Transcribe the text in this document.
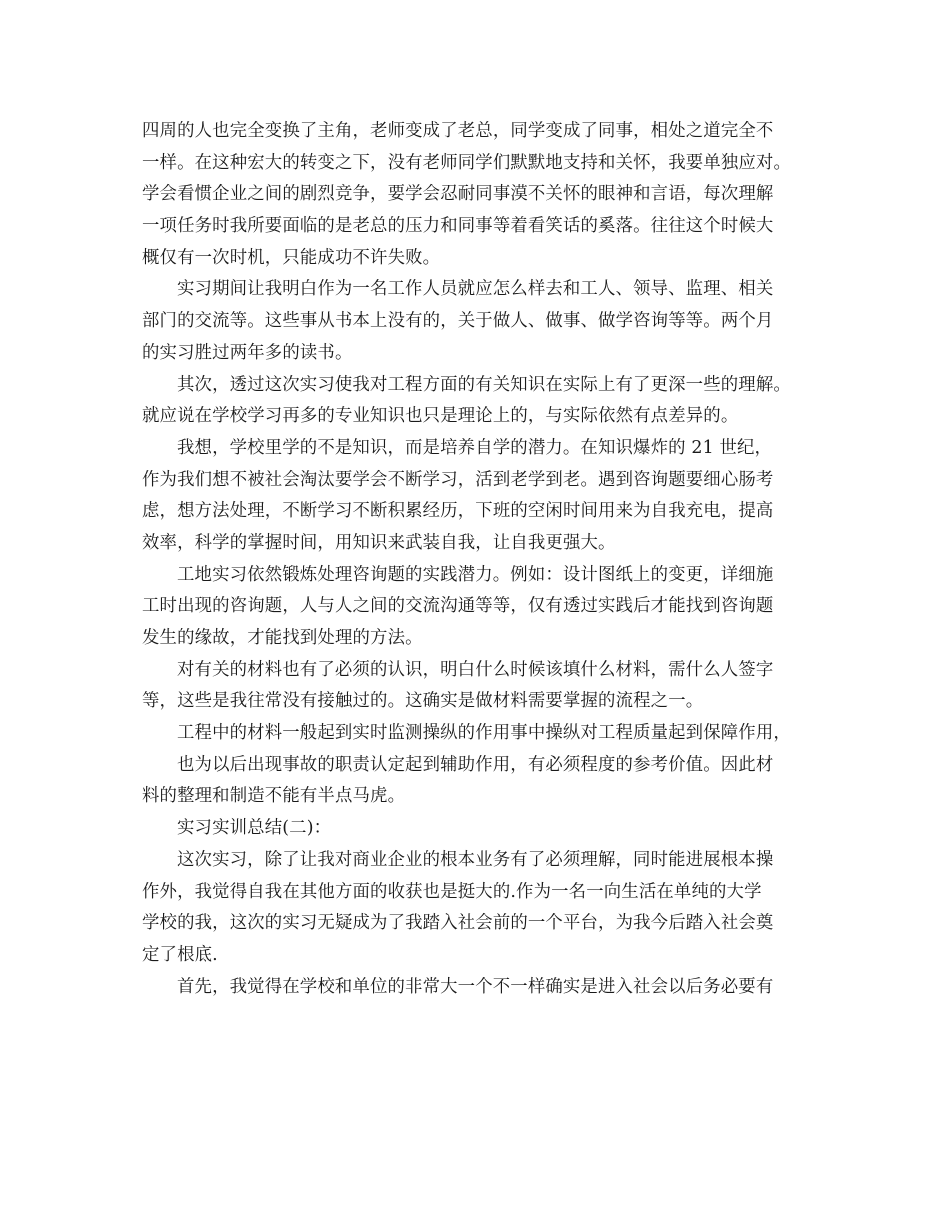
四周的人也完全变换了主角，老师变成了老总，同学变成了同事，相处之道完全不
一样。在这种宏大的转变之下，没有老师同学们默默地支持和关怀，我要单独应对。
学会看惯企业之间的剧烈竞争，要学会忍耐同事漠不关怀的眼神和言语，每次理解
一项任务时我所要面临的是老总的压力和同事等着看笑话的奚落。往往这个时候大
概仅有一次时机，只能成功不许失败。
实习期间让我明白作为一名工作人员就应怎么样去和工人、领导、监理、相关
部门的交流等。这些事从书本上没有的，关于做人、做事、做学咨询等等。两个月
的实习胜过两年多的读书。
其次，透过这次实习使我对工程方面的有关知识在实际上有了更深一些的理解。
就应说在学校学习再多的专业知识也只是理论上的，与实际依然有点差异的。
我想，学校里学的不是知识，而是培养自学的潜力。在知识爆炸的 21 世纪，
作为我们想不被社会淘汰要学会不断学习，活到老学到老。遇到咨询题要细心肠考
虑，想方法处理，不断学习不断积累经历，下班的空闲时间用来为自我充电，提高
效率，科学的掌握时间，用知识来武装自我，让自我更强大。
工地实习依然锻炼处理咨询题的实践潜力。例如：设计图纸上的变更，详细施
工时出现的咨询题，人与人之间的交流沟通等等，仅有透过实践后才能找到咨询题
发生的缘故，才能找到处理的方法。
对有关的材料也有了必须的认识，明白什么时候该填什么材料，需什么人签字
等，这些是我往常没有接触过的。这确实是做材料需要掌握的流程之一。
工程中的材料一般起到实时监测操纵的作用事中操纵对工程质量起到保障作用，
也为以后出现事故的职责认定起到辅助作用，有必须程度的参考价值。因此材
料的整理和制造不能有半点马虎。
实习实训总结(二)：
这次实习，除了让我对商业企业的根本业务有了必须理解，同时能进展根本操
作外，我觉得自我在其他方面的收获也是挺大的.作为一名一向生活在单纯的大学
学校的我，这次的实习无疑成为了我踏入社会前的一个平台，为我今后踏入社会奠
定了根底.
首先，我觉得在学校和单位的非常大一个不一样确实是进入社会以后务必要有
